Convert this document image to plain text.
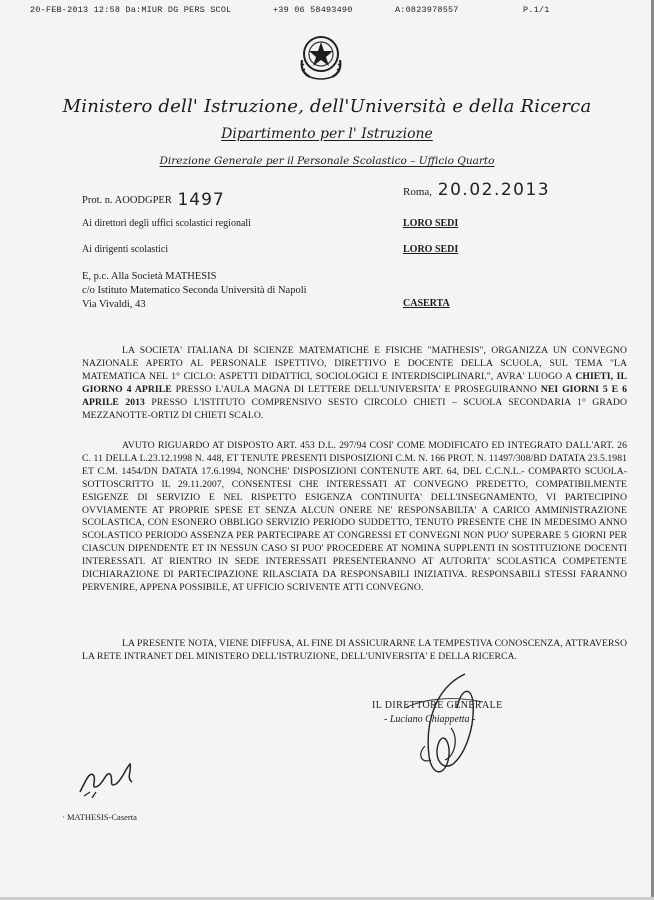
20-FEB-2013 12:58 Da:MIUR DG PERS SCOL	+39 06 58493490	A:0823978557	P.1/1
Ministero dell' Istruzione, dell'Università e della Ricerca
Dipartimento per l' Istruzione
Direzione Generale per il Personale Scolastico – Ufficio Quarto
Prot. n. AOODGPER 1497	Roma, 20.02.2013
Ai direttori degli uffici scolastici regionali	LORO SEDI
Ai dirigenti scolastici	LORO SEDI
E, p.c. Alla Società MATHESIS
c/o Istituto Matematico Seconda Università di Napoli
Via Vivaldi, 43	CASERTA

LA SOCIETA' ITALIANA DI SCIENZE MATEMATICHE E FISICHE "MATHESIS", ORGANIZZA UN CONVEGNO NAZIONALE APERTO AL PERSONALE ISPETTIVO, DIRETTIVO E DOCENTE DELLA SCUOLA, SUL TEMA "LA MATEMATICA NEL 1° CICLO: ASPETTI DIDATTICI, SOCIOLOGICI E INTERDISCIPLINARI.", AVRA' LUOGO A CHIETI, IL GIORNO 4 APRILE PRESSO L'AULA MAGNA DI LETTERE DELL'UNIVERSITA' E PROSEGUIRANNO NEI GIORNI 5 E 6 APRILE 2013 PRESSO L'ISTITUTO COMPRENSIVO SESTO CIRCOLO CHIETI – SCUOLA SECONDARIA 1° GRADO MEZZANOTTE-ORTIZ DI CHIETI SCALO.

AVUTO RIGUARDO AT DISPOSTO ART. 453 D.L. 297/94 COSI' COME MODIFICATO ED INTEGRATO DALL'ART. 26 C. 11 DELLA L.23.12.1998 N. 448, ET TENUTE PRESENTI DISPOSIZIONI C.M. N. 166 PROT. N. 11497/308/BD DATATA 23.5.1981 ET C.M. 1454/DN DATATA 17.6.1994, NONCHE' DISPOSIZIONI CONTENUTE ART. 64, DEL C.C.N.L.- COMPARTO SCUOLA- SOTTOSCRITTO IL 29.11.2007, CONSENTESI CHE INTERESSATI AT CONVEGNO PREDETTO, COMPATIBILMENTE ESIGENZE DI SERVIZIO E NEL RISPETTO ESIGENZA CONTINUITA' DELL'INSEGNAMENTO, VI PARTECIPINO OVVIAMENTE AT PROPRIE SPESE ET SENZA ALCUN ONERE NE' RESPONSABILTA' A CARICO AMMINISTRAZIONE SCOLASTICA, CON ESONERO OBBLIGO SERVIZIO PERIODO SUDDETTO, TENUTO PRESENTE CHE IN MEDESIMO ANNO SCOLASTICO PERIODO ASSENZA PER PARTECIPARE AT CONGRESSI ET CONVEGNI NON PUO' SUPERARE 5 GIORNI PER CIASCUN DIPENDENTE ET IN NESSUN CASO SI PUO' PROCEDERE AT NOMINA SUPPLENTI IN SOSTITUZIONE DOCENTI INTERESSATI. AT RIENTRO IN SEDE INTERESSATI PRESENTERANNO AT AUTORITA' SCOLASTICA COMPETENTE DICHIARAZIONE DI PARTECIPAZIONE RILASCIATA DA RESPONSABILI INIZIATIVA. RESPONSABILI STESSI FARANNO PERVENIRE, APPENA POSSIBILE, AT UFFICIO SCRIVENTE ATTI CONVEGNO.

LA PRESENTE NOTA, VIENE DIFFUSA, AL FINE DI ASSICURARNE LA TEMPESTIVA CONOSCENZA, ATTRAVERSO LA RETE INTRANET DEL MINISTERO DELL'ISTRUZIONE, DELL'UNIVERSITA' E DELLA RICERCA.

IL DIRETTORE GENERALE
- Luciano Chiappetta -
· MATHESIS-Caserta
